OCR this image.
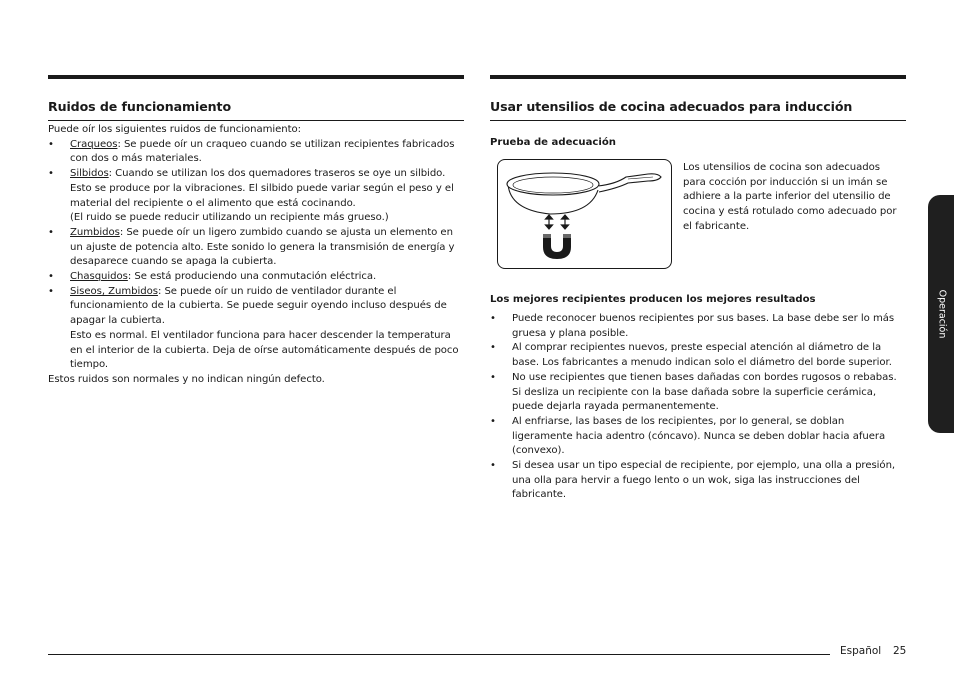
Ruidos de funcionamiento

Puede oír los siguientes ruidos de funcionamiento:

• Craqueos: Se puede oír un craqueo cuando se utilizan recipientes fabricados con dos o más materiales.
• Silbidos: Cuando se utilizan los dos quemadores traseros se oye un silbido. Esto se produce por la vibraciones. El silbido puede variar según el peso y el material del recipiente o el alimento que está cocinando.
(El ruido se puede reducir utilizando un recipiente más grueso.)
• Zumbidos: Se puede oír un ligero zumbido cuando se ajusta un elemento en un ajuste de potencia alto. Este sonido lo genera la transmisión de energía y desaparece cuando se apaga la cubierta.
• Chasquidos: Se está produciendo una conmutación eléctrica.
• Siseos, Zumbidos: Se puede oír un ruido de ventilador durante el funcionamiento de la cubierta. Se puede seguir oyendo incluso después de apagar la cubierta.
Esto es normal. El ventilador funciona para hacer descender la temperatura en el interior de la cubierta. Deja de oírse automáticamente después de poco tiempo.

Estos ruidos son normales y no indican ningún defecto.

Usar utensilios de cocina adecuados para inducción
Prueba de adecuación

Los utensilios de cocina son adecuados para cocción por inducción si un imán se adhiere a la parte inferior del utensilio de cocina y está rotulado como adecuado por el fabricante.

Los mejores recipientes producen los mejores resultados
• Puede reconocer buenos recipientes por sus bases. La base debe ser lo más gruesa y plana posible.
• Al comprar recipientes nuevos, preste especial atención al diámetro de la base. Los fabricantes a menudo indican solo el diámetro del borde superior.
• No use recipientes que tienen bases dañadas con bordes rugosos o rebabas. Si desliza un recipiente con la base dañada sobre la superficie cerámica, puede dejarla rayada permanentemente.
• Al enfriarse, las bases de los recipientes, por lo general, se doblan ligeramente hacia adentro (cóncavo). Nunca se deben doblar hacia afuera (convexo).
• Si desea usar un tipo especial de recipiente, por ejemplo, una olla a presión, una olla para hervir a fuego lento o un wok, siga las instrucciones del fabricante.
Operación
Español 25
